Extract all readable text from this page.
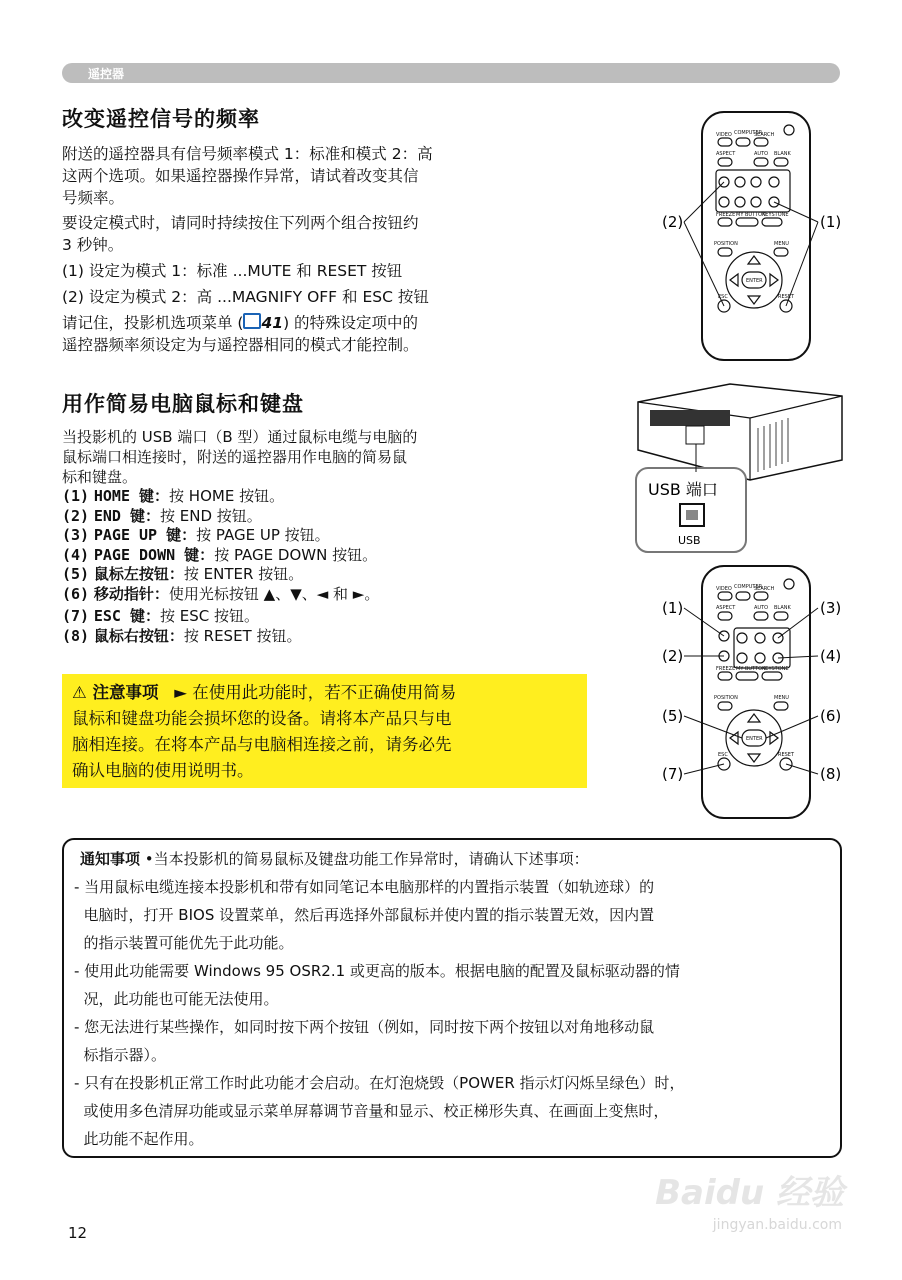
遥控器
改变遥控信号的频率

附送的遥控器具有信号频率模式 1：标准和模式 2：高

这两个选项。如果遥控器操作异常，请试着改变其信

号频率。

要设定模式时，请同时持续按住下列两个组合按钮约

3 秒钟。

(1) 设定为模式 1：标准 ...MUTE 和 RESET 按钮

(2) 设定为模式 2：高 ...MAGNIFY OFF 和 ESC 按钮

请记住，投影机选项菜单 ( 41) 的特殊设定项中的

遥控器频率须设定为与遥控器相同的模式才能控制。

用作简易电脑鼠标和键盘

当投影机的 USB 端口（B 型）通过鼠标电缆与电脑的

鼠标端口相连接时，附送的遥控器用作电脑的简易鼠

标和键盘。

(1) HOME 键：按 HOME 按钮。
(2) END 键：按 END 按钮。
(3) PAGE UP 键：按 PAGE UP 按钮。
(4) PAGE DOWN 键：按 PAGE DOWN 按钮。
(5) 鼠标左按钮：按 ENTER 按钮。
(6) 移动指针：使用光标按钮 ▲、▼、◄ 和 ►。
(7) ESC 键：按 ESC 按钮。
(8) 鼠标右按钮：按 RESET 按钮。
⚠ 注意事项 ► 在使用此功能时，若不正确使用简易
鼠标和键盘功能会损坏您的设备。请将本产品只与电
脑相连接。在将本产品与电脑相连接之前，请务必先
确认电脑的使用说明书。
通知事项 •当本投影机的简易鼠标及键盘功能工作异常时，请确认下述事项：
- 当用鼠标电缆连接本投影机和带有如同笔记本电脑那样的内置指示装置（如轨迹球）的
电脑时，打开 BIOS 设置菜单，然后再选择外部鼠标并使内置的指示装置无效，因内置
的指示装置可能优先于此功能。
- 使用此功能需要 Windows 95 OSR2.1 或更高的版本。根据电脑的配置及鼠标驱动器的情
况，此功能也可能无法使用。
- 您无法进行某些操作，如同时按下两个按钮（例如，同时按下两个按钮以对角地移动鼠
标指示器）。
- 只有在投影机正常工作时此功能才会启动。在灯泡烧毁（POWER 指示灯闪烁呈绿色）时，
或使用多色清屏功能或显示菜单屏幕调节音量和显示、校正梯形失真、在画面上变焦时，
此功能不起作用。
COMPUTER
VIDEO	SEARCH
ASPECT	AUTO BLANK
FREEZE MY BUTTON
KEYSTONE
POSITION	MENU
ENTER
ESC	RESET
(2)	(1)
USB 端口
USB
COMPUTER
VIDEO	SEARCH
ASPECT	AUTO BLANK
FREEZE MY BUTTON
KEYSTONE
POSITION	MENU
ENTER
ESC	RESET
(1)
(2)
(5)
(7)
(3)
(4)
(6)
(8)
12
Baidu 经验
jingyan.baidu.com
